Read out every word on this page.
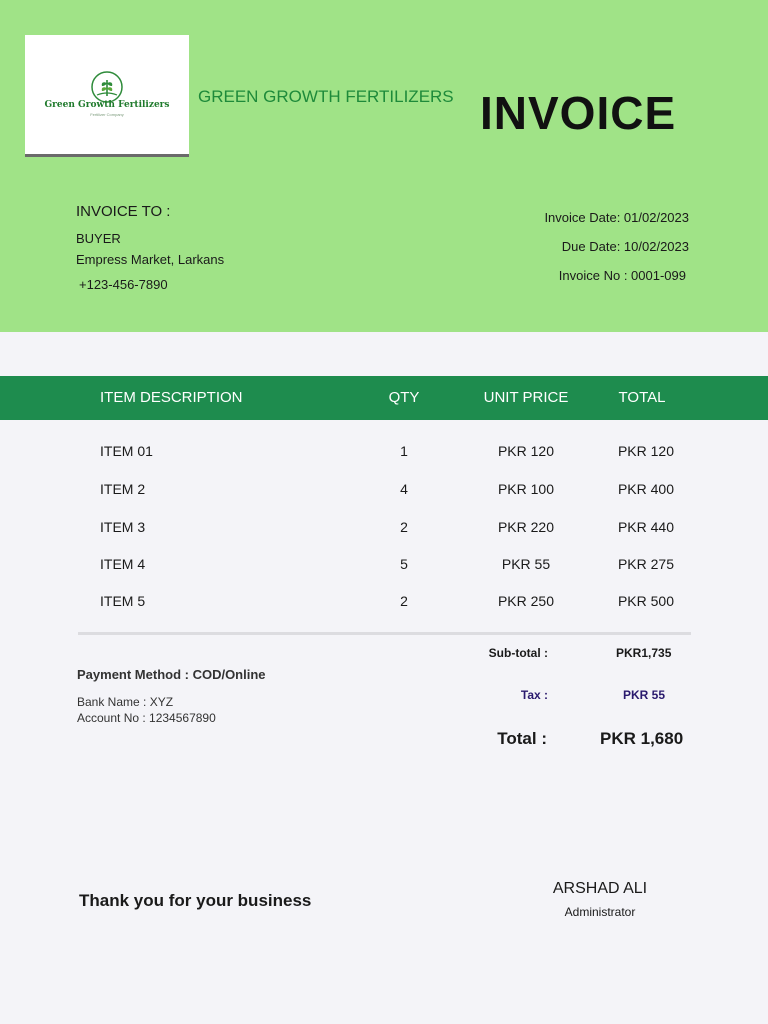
Green Growth Fertilizers
Fertilizer Company
GREEN GROWTH FERTILIZERS INVOICE
INVOICE TO :
BUYER
Empress Market, Larkans
+123-456-7890
Invoice Date: 01/02/2023
Due Date: 10/02/2023
Invoice No : 0001-099
ITEM DESCRIPTION	QTY	UNIT PRICE	TOTAL
ITEM 01	1	PKR 120	PKR 120
ITEM 2	4	PKR 100	PKR 400
ITEM 3	2	PKR 220	PKR 440
ITEM 4	5	PKR 55	PKR 275
ITEM 5	2	PKR 250	PKR 500
Payment Method : COD/Online
Bank Name : XYZ
Account No : 1234567890
Sub-total :	PKR1,735
Tax :	PKR 55
Total :	PKR 1,680
Thank you for your business
ARSHAD ALI
Administrator
